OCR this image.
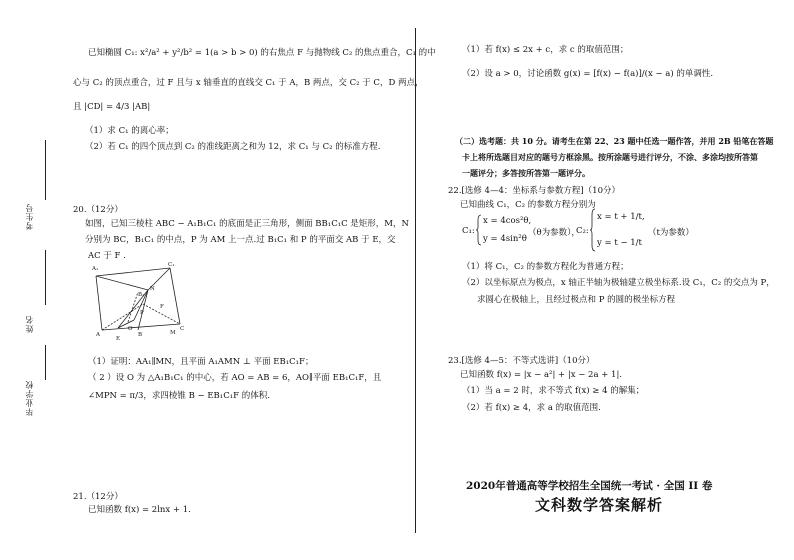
考生号
姓名
毕业学校
已知椭圆 C₁: x²/a² + y²/b² = 1(a > b > 0) 的右焦点 F 与抛物线 C₂ 的焦点重合，C₁ 的中
心与 C₂ 的顶点重合，过 F 且与 x 轴垂直的直线交 C₁ 于 A，B 两点，交 C₂ 于 C，D 两点，
且 |CD| = 4/3 |AB|
（1）求 C₁ 的离心率；
（2）若 C₁ 的四个顶点到 C₂ 的准线距离之和为 12，求 C₁ 与 C₂ 的标准方程.
20.（12分）
如图，已知三棱柱 ABC − A₁B₁C₁ 的底面是正三角形，侧面 BB₁C₁C 是矩形，M，N
分别为 BC，B₁C₁ 的中点，P 为 AM 上一点.过 B₁C₁ 和 P 的平面交 AB 于 E，交
AC 于 F .
A₁
B₁
C₁
A	B
C
M
N
P
E
F
O
（1）证明：AA₁∥MN，且平面 A₁AMN ⊥ 平面 EB₁C₁F；
（ 2 ）设 O 为 △A₁B₁C₁ 的中心，若 AO = AB = 6，AO∥平面 EB₁C₁F，且
∠MPN = π/3，求四棱锥 B − EB₁C₁F 的体积.
21.（12分）
已知函数 f(x) = 2lnx + 1.
（1）若 f(x) ≤ 2x + c，求 c 的取值范围；
（2）设 a > 0，讨论函数 g(x) = [f(x) − f(a)]/(x − a) 的单调性.
（二）选考题：共 10 分。请考生在第 22、23 题中任选一题作答，并用 2B 铅笔在答题
卡上将所选题目对应的题号方框涂黑。按所涂题号进行评分，不涂、多涂均按所答第
一题评分；多答按所答第一题评分。
22.[选修 4—4：坐标系与参数方程]（10分）
已知曲线 C₁，C₂ 的参数方程分别为
C₁:
x = 4cos²θ,
y = 4sin²θ
（θ为参数），
C₂:
x = t + 1/t,
y = t − 1/t
（t为参数）
（1）将 C₁，C₂ 的参数方程化为普通方程；
（2）以坐标原点为极点，x 轴正半轴为极轴建立极坐标系.设 C₁，C₂ 的交点为 P，
求圆心在极轴上，且经过极点和 P 的圆的极坐标方程
23.[选修 4—5：不等式选讲]（10分）
已知函数 f(x) = |x − a²| + |x − 2a + 1|.
（1）当 a = 2 时，求不等式 f(x) ≥ 4 的解集；
（2）若 f(x) ≥ 4，求 a 的取值范围.
2020年普通高等学校招生全国统一考试 · 全国 II 卷
文科数学答案解析
